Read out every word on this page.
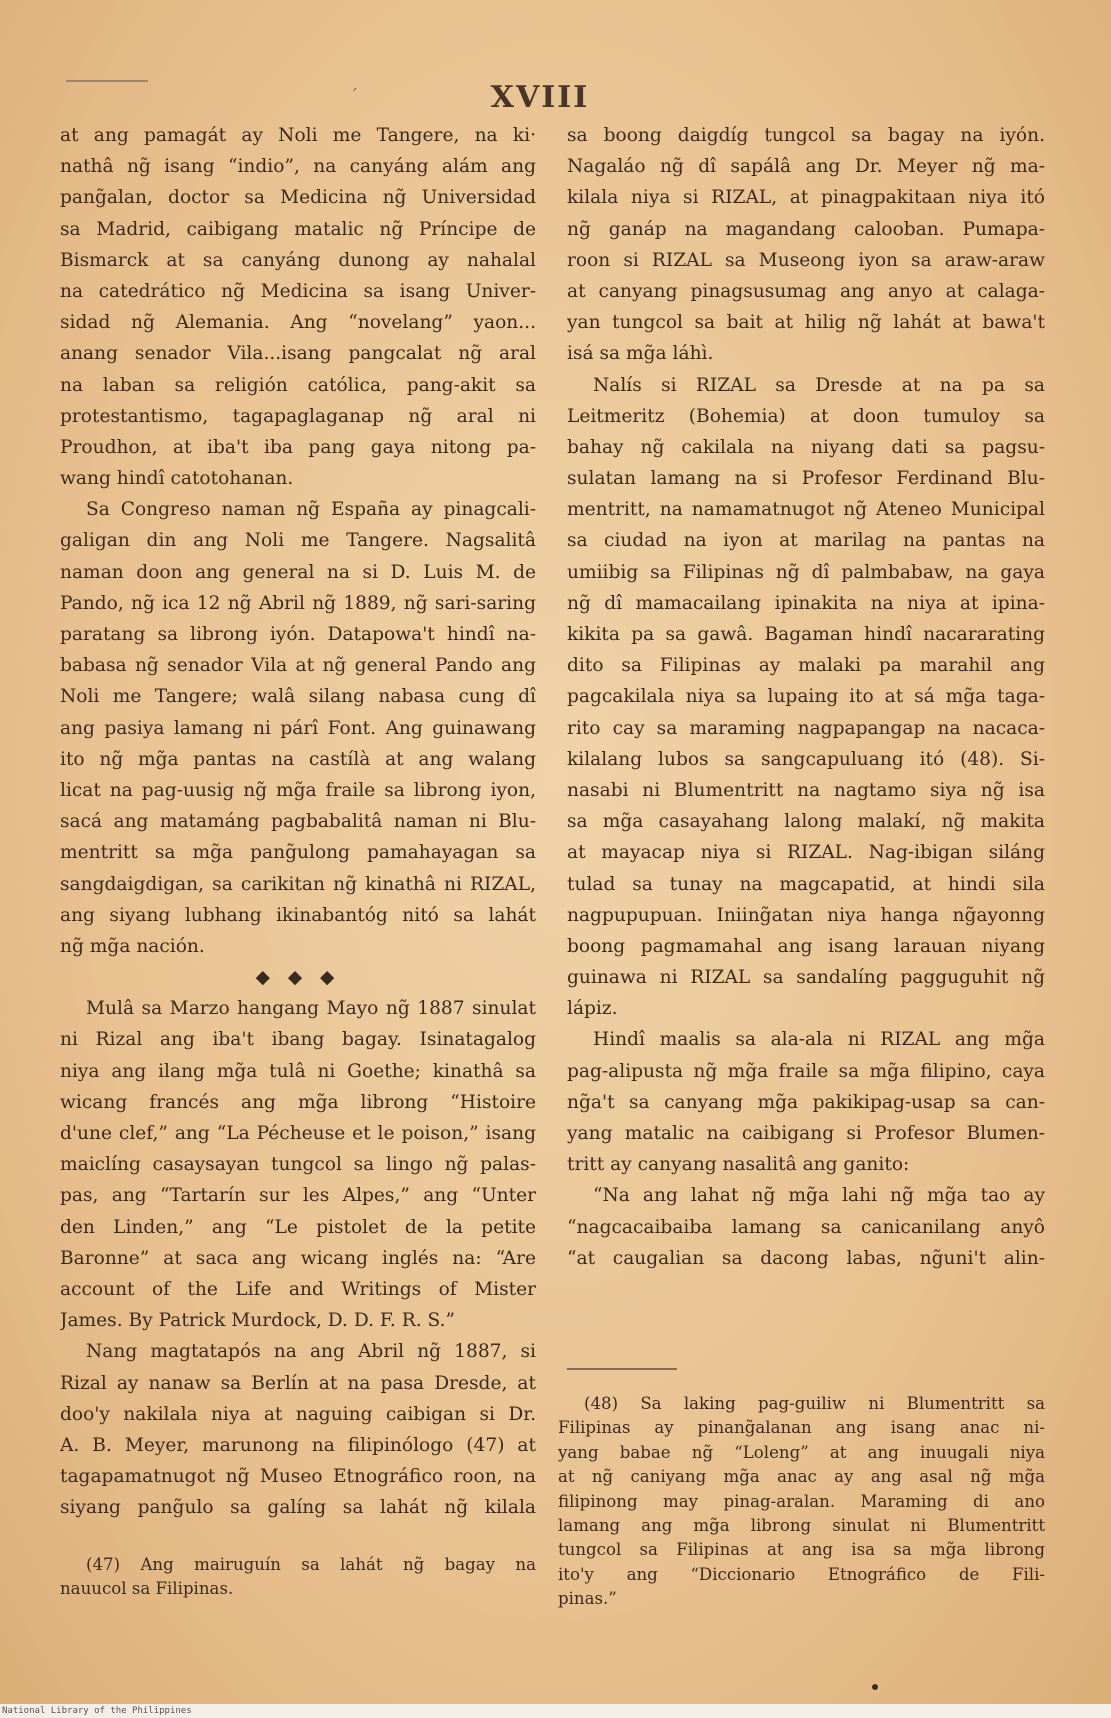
ˊ	XVIII
at ang pamagát ay Noli me Tangere, na ki·
nathâ ng̃ isang “indio”, na canyáng alám ang
pang̃alan, doctor sa Medicina ng̃ Universidad
sa Madrid, caibigang matalic ng̃ Príncipe de
Bismarck at sa canyáng dunong ay nahalal
na catedrático ng̃ Medicina sa isang Univer-
sidad ng̃ Alemania. Ang “novelang” yaon...
anang senador Vila...isang pangcalat ng̃ aral
na laban sa religión católica, pang-akit sa
protestantismo, tagapaglaganap ng̃ aral ni
Proudhon, at iba't iba pang gaya nitong pa-
wang hindî catotohanan.
Sa Congreso naman ng̃ España ay pinagcali-
galigan din ang Noli me Tangere. Nagsalitâ
naman doon ang general na si D. Luis M. de
Pando, ng̃ ica 12 ng̃ Abril ng̃ 1889, ng̃ sari-saring
paratang sa librong iyón. Datapowa't hindî na-
babasa ng̃ senador Vila at ng̃ general Pando ang
Noli me Tangere; walâ silang nabasa cung dî
ang pasiya lamang ni párî Font. Ang guinawang
ito ng̃ mg̃a pantas na castílà at ang walang
licat na pag-uusig ng̃ mg̃a fraile sa librong iyon,
sacá ang matamáng pagbabalitâ naman ni Blu-
mentritt sa mg̃a pang̃ulong pamahayagan sa
sangdaigdigan, sa carikitan ng̃ kinathâ ni RIZAL,
ang siyang lubhang ikinabantóg nitó sa lahát
ng̃ mg̃a nación.
◆ ◆ ◆
Mulâ sa Marzo hangang Mayo ng̃ 1887 sinulat
ni Rizal ang iba't ibang bagay. Isinatagalog
niya ang ilang mg̃a tulâ ni Goethe; kinathâ sa
wicang francés ang mg̃a librong “Histoire
d'une clef,” ang “La Pécheuse et le poison,” isang
maiclíng casaysayan tungcol sa lingo ng̃ palas-
pas, ang “Tartarín sur les Alpes,” ang “Unter
den Linden,” ang “Le pistolet de la petite
Baronne” at saca ang wicang inglés na: “Are
account of the Life and Writings of Mister
James. By Patrick Murdock, D. D. F. R. S.”
Nang magtatapós na ang Abril ng̃ 1887, si
Rizal ay nanaw sa Berlín at na pasa Dresde, at
doo'y nakilala niya at naguing caibigan si Dr.
A. B. Meyer, marunong na filipinólogo (47) at
tagapamatnugot ng̃ Museo Etnográfico roon, na
siyang pang̃ulo sa galíng sa lahát ng̃ kilala
sa boong daigdíg tungcol sa bagay na iyón.
Nagaláo ng̃ dî sapálâ ang Dr. Meyer ng̃ ma-
kilala niya si RIZAL, at pinagpakitaan niya itó
ng̃ ganáp na magandang calooban. Pumapa-
roon si RIZAL sa Museong iyon sa araw-araw
at canyang pinagsusumag ang anyo at calaga-
yan tungcol sa bait at hilig ng̃ lahát at bawa't
isá sa mg̃a láhì.
Nalís si RIZAL sa Dresde at na pa sa
Leitmeritz (Bohemia) at doon tumuloy sa
bahay ng̃ cakilala na niyang dati sa pagsu-
sulatan lamang na si Profesor Ferdinand Blu-
mentritt, na namamatnugot ng̃ Ateneo Municipal
sa ciudad na iyon at marilag na pantas na
umiibig sa Filipinas ng̃ dî palmbabaw, na gaya
ng̃ dî mamacailang ipinakita na niya at ipina-
kikita pa sa gawâ. Bagaman hindî nacararating
dito sa Filipinas ay malaki pa marahil ang
pagcakilala niya sa lupaing ito at sá mg̃a taga-
rito cay sa maraming nagpapangap na nacaca-
kilalang lubos sa sangcapuluang itó (48). Si-
nasabi ni Blumentritt na nagtamo siya ng̃ isa
sa mg̃a casayahang lalong malakí, ng̃ makita
at mayacap niya si RIZAL. Nag-ibigan siláng
tulad sa tunay na magcapatid, at hindi sila
nagpupupuan. Iniing̃atan niya hanga ng̃ayonng
boong pagmamahal ang isang larauan niyang
guinawa ni RIZAL sa sandalíng pagguguhit ng̃
lápiz.
Hindî maalis sa ala-ala ni RIZAL ang mg̃a
pag-alipusta ng̃ mg̃a fraile sa mg̃a filipino, caya
ng̃a't sa canyang mg̃a pakikipag-usap sa can-
yang matalic na caibigang si Profesor Blumen-
tritt ay canyang nasalitâ ang ganito:
“Na ang lahat ng̃ mg̃a lahi ng̃ mg̃a tao ay
“nagcacaibaiba lamang sa canicanilang anyô
“at caugalian sa dacong labas, ng̃uni't alin-
(47) Ang mairuguín sa lahát ng̃ bagay na
nauucol sa Filipinas.
(48) Sa laking pag-guiliw ni Blumentritt sa
Filipinas ay pinang̃alanan ang isang anac ni-
yang babae ng̃ “Loleng” at ang inuugali niya
at ng̃ caniyang mg̃a anac ay ang asal ng̃ mg̃a
filipinong may pinag-aralan. Maraming di ano
lamang ang mg̃a librong sinulat ni Blumentritt
tungcol sa Filipinas at ang isa sa mg̃a librong
ito'y ang “Diccionario Etnográfico de Fili-
pinas.”
National Library of the Philippines
